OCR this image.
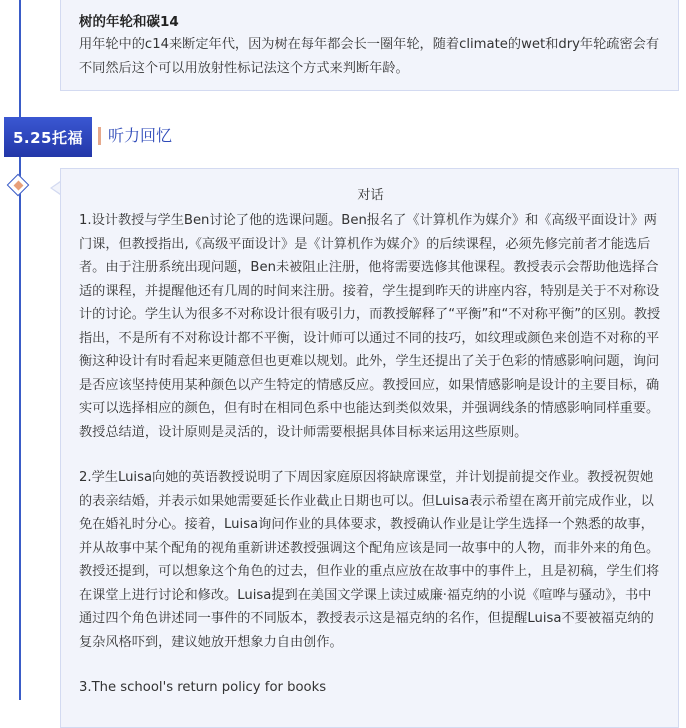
树的年轮和碳14

用年轮中的c14来断定年代，因为树在每年都会长一圈年轮，随着climate的wet和dry年轮疏密会有不同然后这个可以用放射性标记法这个方式来判断年龄。

5.25托福	听力回忆

对话

1.设计教授与学生Ben讨论了他的选课问题。Ben报名了《计算机作为媒介》和《高级平面设计》两门课，但教授指出,《高级平面设计》是《计算机作为媒介》的后续课程，必须先修完前者才能选后者。由于注册系统出现问题，Ben未被阻止注册，他将需要选修其他课程。教授表示会帮助他选择合适的课程，并提醒他还有几周的时间来注册。接着，学生提到昨天的讲座内容，特别是关于不对称设计的讨论。学生认为很多不对称设计很有吸引力，而教授解释了“平衡”和“不对称平衡”的区别。教授指出，不是所有不对称设计都不平衡，设计师可以通过不同的技巧，如纹理或颜色来创造不对称的平衡这种设计有时看起来更随意但也更难以规划。此外，学生还提出了关于色彩的情感影响问题，询问是否应该坚持使用某种颜色以产生特定的情感反应。教授回应，如果情感影响是设计的主要目标，确实可以选择相应的颜色，但有时在相同色系中也能达到类似效果，并强调线条的情感影响同样重要。教授总结道，设计原则是灵活的，设计师需要根据具体目标来运用这些原则。

2.学生Luisa向她的英语教授说明了下周因家庭原因将缺席课堂，并计划提前提交作业。教授祝贺她的表亲结婚，并表示如果她需要延长作业截止日期也可以。但Luisa表示希望在离开前完成作业，以免在婚礼时分心。接着，Luisa询问作业的具体要求，教授确认作业是让学生选择一个熟悉的故事，并从故事中某个配角的视角重新讲述教授强调这个配角应该是同一故事中的人物，而非外来的角色。教授还提到，可以想象这个角色的过去，但作业的重点应放在故事中的事件上，且是初稿，学生们将在课堂上进行讨论和修改。Luisa提到在美国文学课上读过威廉·福克纳的小说《喧哗与骚动》，书中通过四个角色讲述同一事件的不同版本，教授表示这是福克纳的名作，但提醒Luisa不要被福克纳的复杂风格吓到，建议她放开想象力自由创作。

3.The school's return policy for books
